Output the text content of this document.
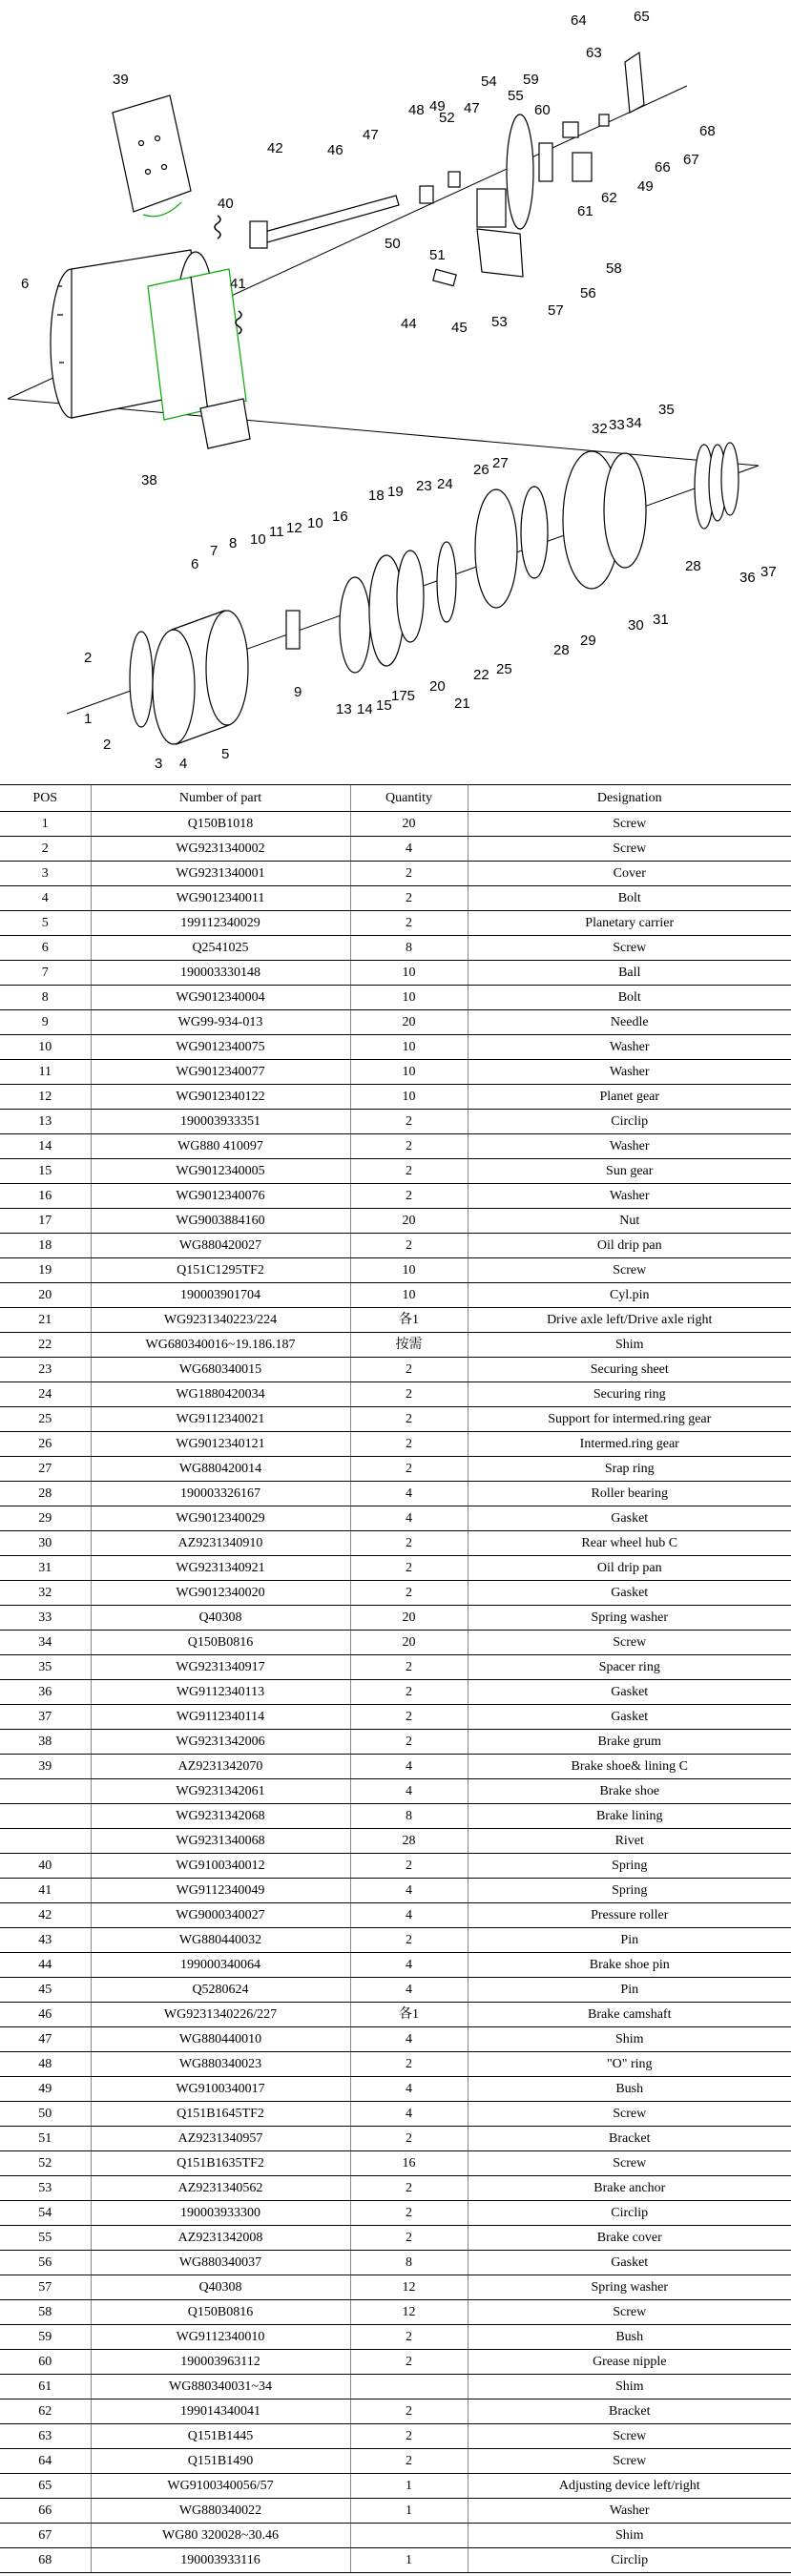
64	65
63
39	59
54
60
68
42	46
47
48 49 47
55
52
50
66 67
40	62
61
49
41
6
51
58
56
57
53
44 45
38
35
32 33 34
26 27
18 19 23 24
16
10 11 12 10
8
7
6
9
2
1
2
3 4
5
13 14 15
175
20
21
22 25
28
29
30 31
28
36 37
POS	Number of part	Quantity	Designation
1	Q150B1018	20	Screw
2	WG9231340002	4	Screw
3	WG9231340001	2	Cover
4	WG9012340011	2	Bolt
5	199112340029	2	Planetary carrier
6	Q2541025	8	Screw
7	190003330148	10	Ball
8	WG9012340004	10	Bolt
9	WG99-934-013	20	Needle
10	WG9012340075	10	Washer
11	WG9012340077	10	Washer
12	WG9012340122	10	Planet gear
13	190003933351	2	Circlip
14	WG880 410097	2	Washer
15	WG9012340005	2	Sun gear
16	WG9012340076	2	Washer
17	WG9003884160	20	Nut
18	WG880420027	2	Oil drip pan
19	Q151C1295TF2	10	Screw
20	190003901704	10	Cyl.pin
21	WG9231340223/224	各1	Drive axle left/Drive axle right
22	WG680340016~19.186.187	按需	Shim
23	WG680340015	2	Securing sheet
24	WG1880420034	2	Securing ring
25	WG9112340021	2	Support for intermed.ring gear
26	WG9012340121	2	Intermed.ring gear
27	WG880420014	2	Srap ring
28	190003326167	4	Roller bearing
29	WG9012340029	4	Gasket
30	AZ9231340910	2	Rear wheel hub C
31	WG9231340921	2	Oil drip pan
32	WG9012340020	2	Gasket
33	Q40308	20	Spring washer
34	Q150B0816	20	Screw
35	WG9231340917	2	Spacer ring
36	WG9112340113	2	Gasket
37	WG9112340114	2	Gasket
38	WG9231342006	2	Brake grum
39	AZ9231342070	4	Brake shoe& lining C
	WG9231342061	4	Brake shoe
	WG9231342068	8	Brake lining
	WG9231340068	28	Rivet
40	WG9100340012	2	Spring
41	WG9112340049	4	Spring
42	WG9000340027	4	Pressure roller
43	WG880440032	2	Pin
44	199000340064	4	Brake shoe pin
45	Q5280624	4	Pin
46	WG9231340226/227	各1	Brake camshaft
47	WG880440010	4	Shim
48	WG880340023	2	"O" ring
49	WG9100340017	4	Bush
50	Q151B1645TF2	4	Screw
51	AZ9231340957	2	Bracket
52	Q151B1635TF2	16	Screw
53	AZ9231340562	2	Brake anchor
54	190003933300	2	Circlip
55	AZ9231342008	2	Brake cover
56	WG880340037	8	Gasket
57	Q40308	12	Spring washer
58	Q150B0816	12	Screw
59	WG9112340010	2	Bush
60	190003963112	2	Grease nipple
61	WG880340031~34		Shim
62	199014340041	2	Bracket
63	Q151B1445	2	Screw
64	Q151B1490	2	Screw
65	WG9100340056/57	1	Adjusting device left/right
66	WG880340022	1	Washer
67	WG80 320028~30.46		Shim
68	190003933116	1	Circlip
